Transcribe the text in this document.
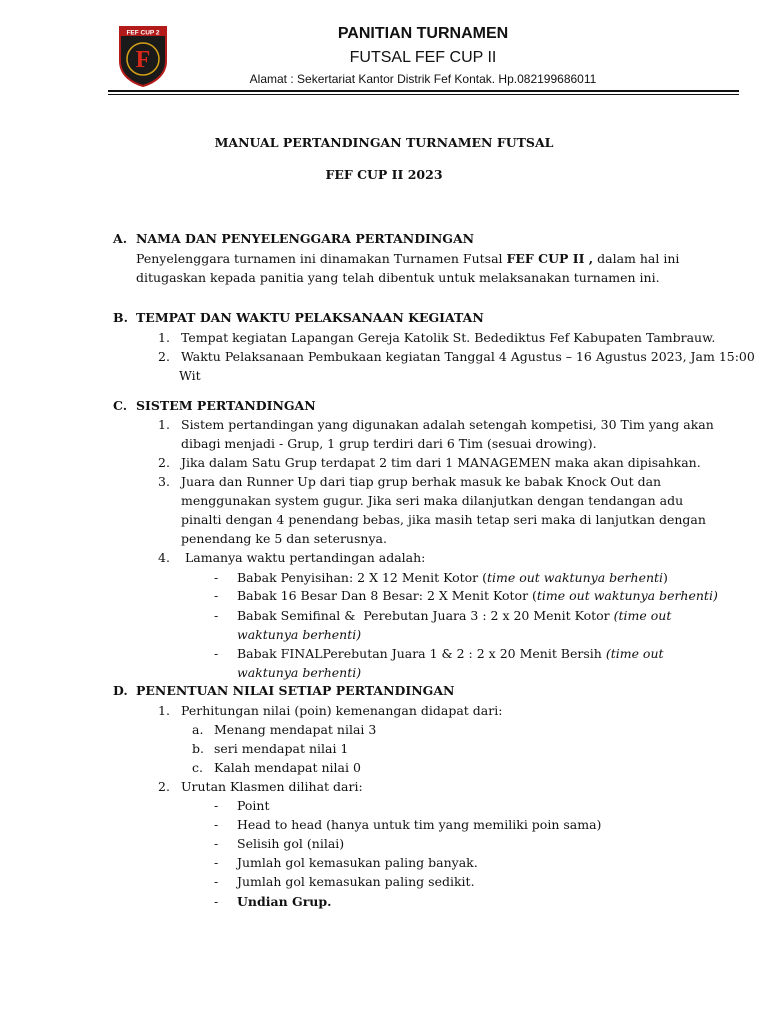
FEF CUP 2
F
PANITIAN TURNAMEN
FUTSAL FEF CUP II
Alamat : Sekertariat Kantor Distrik Fef Kontak. Hp.082199686011
MANUAL PERTANDINGAN TURNAMEN FUTSAL
FEF CUP II 2023
A. NAMA DAN PENYELENGGARA PERTANDINGAN
Penyelenggara turnamen ini dinamakan Turnamen Futsal FEF CUP II , dalam hal ini
ditugaskan kepada panitia yang telah dibentuk untuk melaksanakan turnamen ini.
B. TEMPAT DAN WAKTU PELAKSANAAN KEGIATAN
1. Tempat kegiatan Lapangan Gereja Katolik St. Bedediktus Fef Kabupaten Tambrauw.
2. Waktu Pelaksanaan Pembukaan kegiatan Tanggal 4 Agustus – 16 Agustus 2023, Jam 15:00
Wit
C. SISTEM PERTANDINGAN
1. Sistem pertandingan yang digunakan adalah setengah kompetisi, 30 Tim yang akan
dibagi menjadi - Grup, 1 grup terdiri dari 6 Tim (sesuai drowing).
2. Jika dalam Satu Grup terdapat 2 tim dari 1 MANAGEMEN maka akan dipisahkan.
3. Juara dan Runner Up dari tiap grup berhak masuk ke babak Knock Out dan
menggunakan system gugur. Jika seri maka dilanjutkan dengan tendangan adu
pinalti dengan 4 penendang bebas, jika masih tetap seri maka di lanjutkan dengan
penendang ke 5 dan seterusnya.
4. Lamanya waktu pertandingan adalah:
- Babak Penyisihan: 2 X 12 Menit Kotor (time out waktunya berhenti)
- Babak 16 Besar Dan 8 Besar: 2 X Menit Kotor (time out waktunya berhenti)
- Babak Semifinal &  Perebutan Juara 3 : 2 x 20 Menit Kotor (time out
waktunya berhenti)
- Babak FINALPerebutan Juara 1 & 2 : 2 x 20 Menit Bersih (time out
waktunya berhenti)
D. PENENTUAN NILAI SETIAP PERTANDINGAN
1. Perhitungan nilai (poin) kemenangan didapat dari:
a. Menang mendapat nilai 3
b. seri mendapat nilai 1
c. Kalah mendapat nilai 0
2. Urutan Klasmen dilihat dari:
- Point
- Head to head (hanya untuk tim yang memiliki poin sama)
- Selisih gol (nilai)
- Jumlah gol kemasukan paling banyak.
- Jumlah gol kemasukan paling sedikit.
- Undian Grup.
